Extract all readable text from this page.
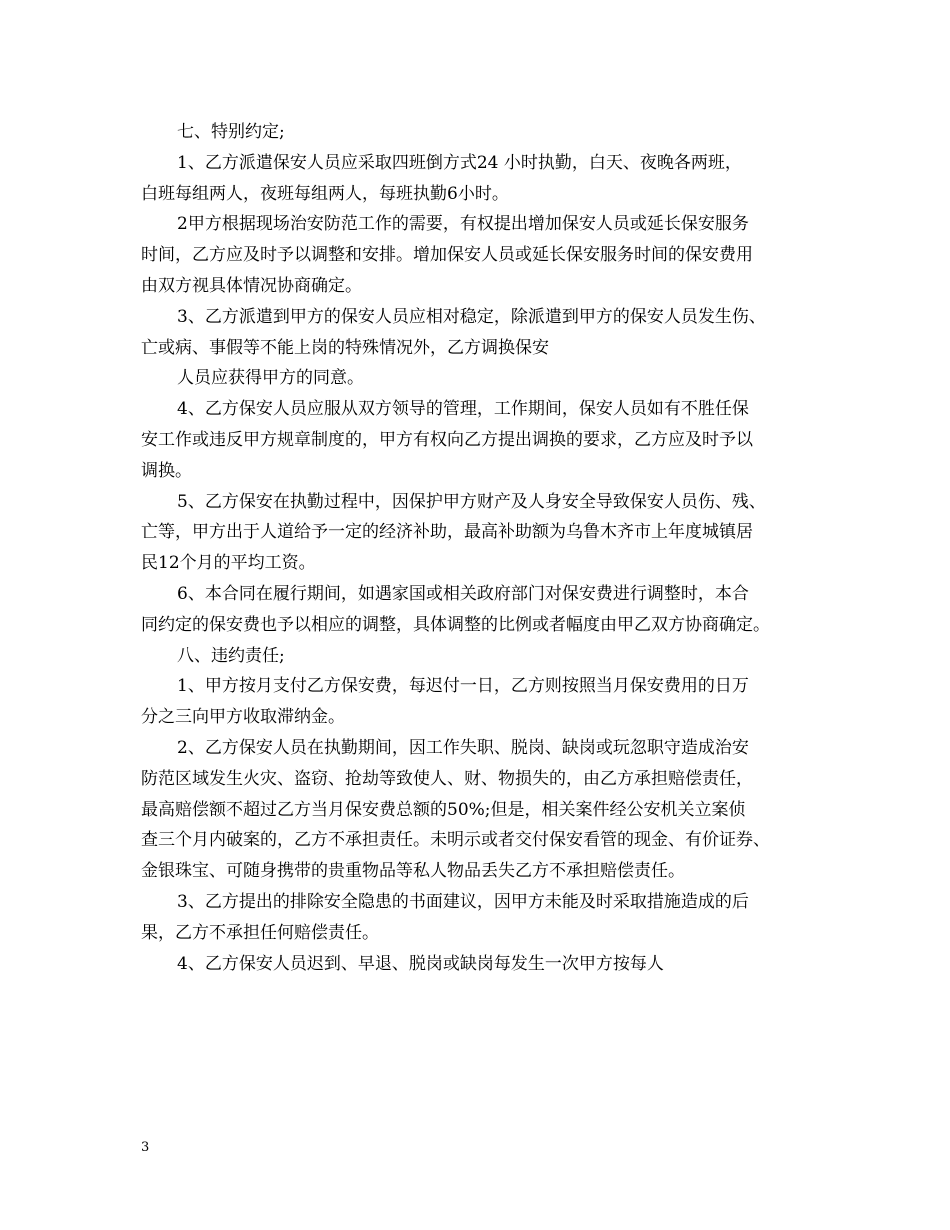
七、特别约定;
1、乙方派遣保安人员应采取四班倒方式24 小时执勤，白天、夜晚各两班，
白班每组两人，夜班每组两人，每班执勤6小时。
2甲方根据现场治安防范工作的需要，有权提出增加保安人员或延长保安服务
时间，乙方应及时予以调整和安排。增加保安人员或延长保安服务时间的保安费用
由双方视具体情况协商确定。
3、乙方派遣到甲方的保安人员应相对稳定，除派遣到甲方的保安人员发生伤、
亡或病、事假等不能上岗的特殊情况外，乙方调换保安
人员应获得甲方的同意。
4、乙方保安人员应服从双方领导的管理，工作期间，保安人员如有不胜任保
安工作或违反甲方规章制度的，甲方有权向乙方提出调换的要求，乙方应及时予以
调换。
5、乙方保安在执勤过程中，因保护甲方财产及人身安全导致保安人员伤、残、
亡等，甲方出于人道给予一定的经济补助，最高补助额为乌鲁木齐市上年度城镇居
民12个月的平均工资。
6、本合同在履行期间，如遇家国或相关政府部门对保安费进行调整时，本合
同约定的保安费也予以相应的调整，具体调整的比例或者幅度由甲乙双方协商确定。
八、违约责任;
1、甲方按月支付乙方保安费，每迟付一日，乙方则按照当月保安费用的日万
分之三向甲方收取滞纳金。
2、乙方保安人员在执勤期间，因工作失职、脱岗、缺岗或玩忽职守造成治安
防范区域发生火灾、盗窃、抢劫等致使人、财、物损失的，由乙方承担赔偿责任，
最高赔偿额不超过乙方当月保安费总额的50%;但是，相关案件经公安机关立案侦
查三个月内破案的，乙方不承担责任。未明示或者交付保安看管的现金、有价证券、
金银珠宝、可随身携带的贵重物品等私人物品丢失乙方不承担赔偿责任。
3、乙方提出的排除安全隐患的书面建议，因甲方未能及时采取措施造成的后
果，乙方不承担任何赔偿责任。
4、乙方保安人员迟到、早退、脱岗或缺岗每发生一次甲方按每人
3
